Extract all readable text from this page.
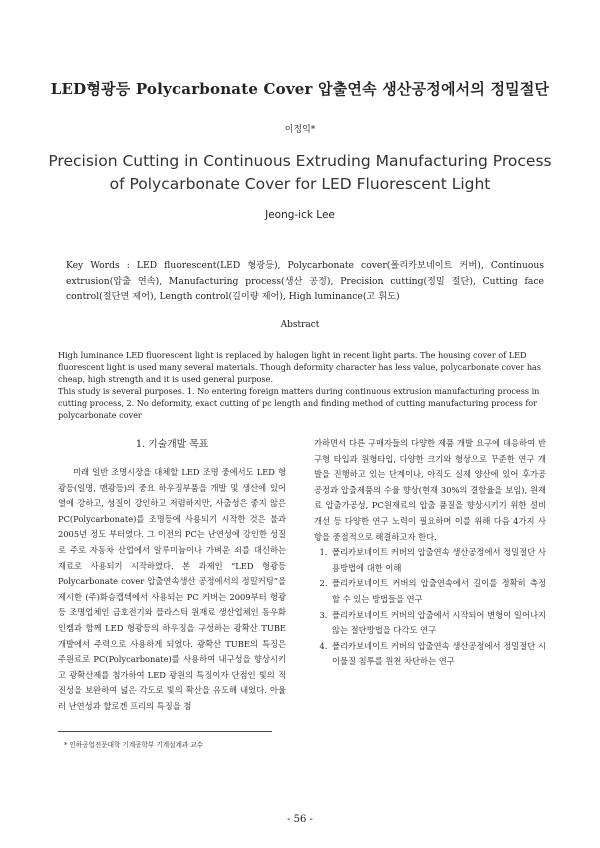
LED형광등 Polycarbonate Cover 압출연속 생산공정에서의 정밀절단
이정익*
Precision Cutting in Continuous Extruding Manufacturing Process
of Polycarbonate Cover for LED Fluorescent Light
Jeong-ick Lee
Key Words : LED fluorescent(LED 형광등), Polycarbonate cover(폴리카보네이트 커버), Continuous extrusion(압출 연속), Manufacturing process(생산 공정), Precision cutting(정밀 절단), Cutting face control(절단면 제어), Length control(길이량 제어), High luminance(고 휘도)
Abstract

High luminance LED fluorescent light is replaced by halogen light in recent light parts. The housing cover of LED fluorescent light is used many several materials. Though deformity character has less value, polycarbonate cover has cheap, high strength and it is used general purpose.

This study is several purposes. 1. No entering foreign matters during continuous extrusion manufacturing process in cutting process, 2. No deformity, exact cutting of pc length and finding method of cutting manufacturing process for polycarbonate cover

1. 기술개발 목표

미래 일반 조명시장을 대체할 LED 조명 중에서도 LED 형광등(일명, 맨광등)의 중요 하우징부품을 개발 및 생산에 있어 열에 강하고, 성질이 강인하고 저렴하지만, 사출성은 좋지 않은 PC(Polycarbonate)를 조명등에 사용되기 시작한 것은 불과 2005년 정도 부터였다. 그 이전의 PC는 난연성에 강인한 성질로 주로 자동차 산업에서 알루미늄이나 가벼운 쇠를 대신하는 재료로 사용되기 시작하였다. 본 과제인 “LED 형광등 Polycarbonate cover 압출연속생산 공정에서의 정밀커팅”을 제시한 (주)화승캡텍에서 사용되는 PC 커버는 2009부터 형광등 조명업체인 금호전기와 플라스틱 원재료 생산업체인 동우화인켐과 함께 LED 형광등의 하우징을 구성하는 광확산 TUBE 개발에서 주력으로 사용하게 되었다. 광확산 TUBE의 특징은 주원료로 PC(Polycarbonate)를 사용하여 내구성을 향상시키고 광확산제를 첨가하여 LED 광원의 특징이자 단점인 빛의 직진성을 보완하여 넓은 각도로 빛의 확산을 유도해 내었다. 아울러 난연성과 할로겐 프리의 특징을 첨

가하면서 다른 구매자들의 다양한 제품 개발 요구에 대응하여 반구형 타입과 원형타입, 다양한 크기와 형상으로 꾸준한 연구 개발을 진행하고 있는 단계이나, 아직도 실제 양산에 있어 후가공 공정과 압출제품의 수율 향상(현재 30%의 결함율을 보임), 원재료 압출가공성, PC원재료의 압출 품질을 향상시키기 위한 설비개선 등 다양한 연구 노력이 필요하며 이를 위해 다음 4가지 사항을 중점적으로 해결하고자 한다.
1. 폴리카보네이트 커버의 압출연속 생산공정에서 정밀절단 사용방법에 대한 이해
2. 폴리카보네이트 커버의 압출연속에서 길이를 정확히 측정 할 수 있는 방법들을 연구
3. 폴리카보네이트 커버의 압출에서 시작되어 변형이 일어나지 않는 절단방법을 다각도 연구
4. 폴리카보네이트 커버의 압출연속 생산공정에서 정밀절단 시 이물질 침투를 원천 차단하는 연구
* 인하공업전문대학 기계공학부 기계설계과 교수
- 56 -
